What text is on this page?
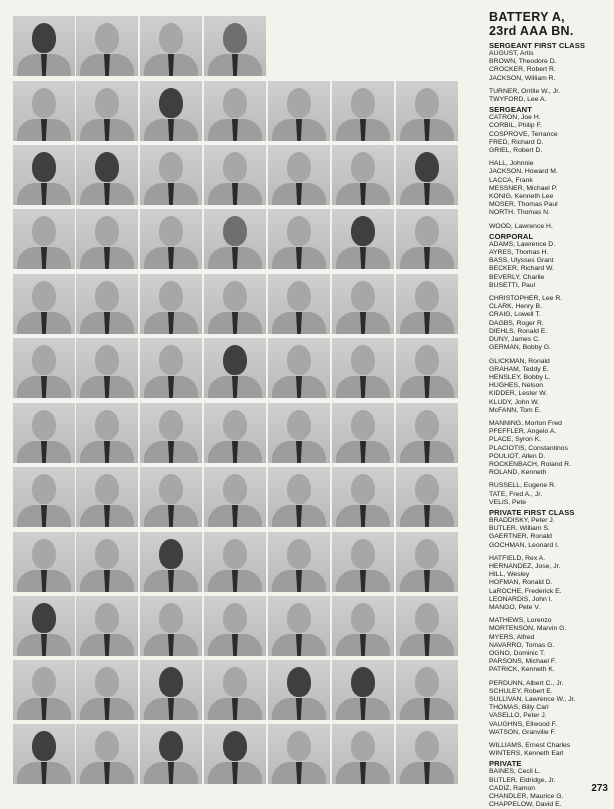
BATTERY A,
23rd AAA BN.
SERGEANT FIRST CLASS
AUGUST, Artis
BROWN, Theodore D.
CROCKER, Robert R.
JACKSON, William R.
TURNER, Orrille W., Jr.
TWYFORD, Lee A.
SERGEANT
CATRON, Joe H.
CORBIL, Philip F.
COSPROVE, Terrance
FRED, Richard D.
GRIEL, Robert D.
HALL, Johnnie
JACKSON, Howard M.
LACCA, Frank
MESSNER, Michael P.
KONIG, Kenneth Lee
MOSER, Thomas Paul
NORTH, Thomas N.
WOOD, Lawrence H.
CORPORAL
ADAMS, Lawrence D.
AYRES, Thomas H.
BASS, Ulysses Grant
BECKER, Richard W.
BEVERLY, Charlie
BUSETTI, Paul
CHRISTOPHER, Lee R.
CLARK, Henry B.
CRAIG, Lowell T.
DAGBS, Roger R.
DIEHLS, Ronald E.
DUNY, James C.
GERMAN, Bobby G.
GLICKMAN, Ronald
GRAHAM, Teddy E.
HENSLEY, Bobby L.
HUGHES, Nelson
KIDDER, Lester W.
KLUDY, John W.
McFANN, Tom E.
MANNING, Morton Fred
PFEFFLER, Angelo A.
PLACE, Syron K.
PLACIOTIS, Constantinos
POULIOT, Allen D.
ROCKENBACH, Roland R.
ROLAND, Kenneth
RUSSELL, Eugene R.
TATE, Fred A., Jr.
VELIS, Pete
PRIVATE FIRST CLASS
BRADDISKY, Peter J.
BUTLER, William S.
GAERTNER, Ronald
GOCHMAN, Leonard I.
HATFIELD, Rex A.
HERNANDEZ, Jose, Jr.
HILL, Wesley
HOFMAN, Ronald D.
LaROCHE, Frederick E.
LEONARDIS, John I.
MANGO, Pete V.
MATHEWS, Lorenzo
MORTENSON, Marvin G.
MYERS, Alfred
NAVARRO, Tomas G.
OGNO, Dominic T.
PARSONS, Michael F.
PATRICK, Kenneth K.
PERDUNN, Albert C., Jr.
SCHULEY, Robert E.
SULLIVAN, Lawrence W., Jr.
THOMAS, Billy Carl
VASELLO, Peter J.
VAUGHNS, Ellwood F.
WATSON, Granville F.
WILLIAMS, Ernest Charles
WINTERS, Kenneth Earl
PRIVATE
BAINES, Cecil L.
BUTLER, Eldridge, Jr.
CADIZ, Ramon
CHANDLER, Maurice G.
CHAPPELOW, David E.
273
